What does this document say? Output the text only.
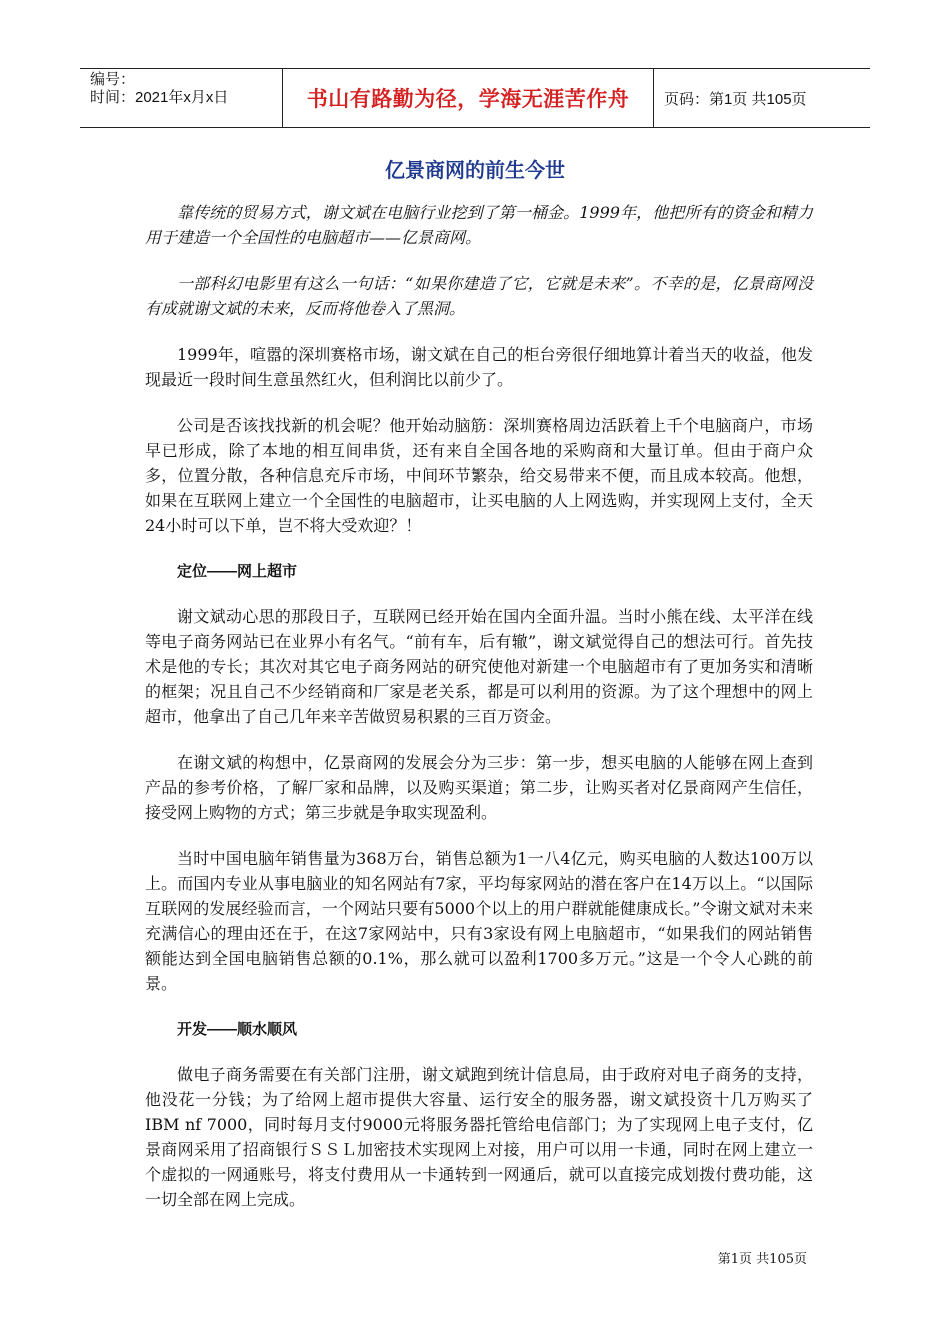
编号：
时间：2021年x月x日	书山有路勤为径，学海无涯苦作舟	页码：第1页 共105页
亿景商网的前生今世

靠传统的贸易方式，谢文斌在电脑行业挖到了第一桶金。1999年，他把所有的资金和精力用于建造一个全国性的电脑超市——亿景商网。

一部科幻电影里有这么一句话：“如果你建造了它，它就是未来”。不幸的是，亿景商网没有成就谢文斌的未来，反而将他卷入了黑洞。

1999年，喧嚣的深圳赛格市场，谢文斌在自己的柜台旁很仔细地算计着当天的收益，他发现最近一段时间生意虽然红火，但利润比以前少了。

公司是否该找找新的机会呢？他开始动脑筋：深圳赛格周边活跃着上千个电脑商户，市场早已形成，除了本地的相互间串货，还有来自全国各地的采购商和大量订单。但由于商户众多，位置分散，各种信息充斥市场，中间环节繁杂，给交易带来不便，而且成本较高。他想，如果在互联网上建立一个全国性的电脑超市，让买电脑的人上网选购，并实现网上支付，全天24小时可以下单，岂不将大受欢迎？！

定位——网上超市

谢文斌动心思的那段日子，互联网已经开始在国内全面升温。当时小熊在线、太平洋在线等电子商务网站已在业界小有名气。“前有车，后有辙”，谢文斌觉得自己的想法可行。首先技术是他的专长；其次对其它电子商务网站的研究使他对新建一个电脑超市有了更加务实和清晰的框架；况且自己不少经销商和厂家是老关系，都是可以利用的资源。为了这个理想中的网上超市，他拿出了自己几年来辛苦做贸易积累的三百万资金。

在谢文斌的构想中，亿景商网的发展会分为三步：第一步，想买电脑的人能够在网上查到产品的参考价格，了解厂家和品牌，以及购买渠道；第二步，让购买者对亿景商网产生信任，接受网上购物的方式；第三步就是争取实现盈利。

当时中国电脑年销售量为368万台，销售总额为1一八4亿元，购买电脑的人数达100万以上。而国内专业从事电脑业的知名网站有7家，平均每家网站的潜在客户在14万以上。“以国际互联网的发展经验而言，一个网站只要有5000个以上的用户群就能健康成长。”令谢文斌对未来充满信心的理由还在于，在这7家网站中，只有3家设有网上电脑超市，“如果我们的网站销售额能达到全国电脑销售总额的0.1%，那么就可以盈利1700多万元。”这是一个令人心跳的前景。

开发——顺水顺风

做电子商务需要在有关部门注册，谢文斌跑到统计信息局，由于政府对电子商务的支持，他没花一分钱；为了给网上超市提供大容量、运行安全的服务器，谢文斌投资十几万购买了IBM nf 7000，同时每月支付9000元将服务器托管给电信部门；为了实现网上电子支付，亿景商网采用了招商银行ＳＳＬ加密技术实现网上对接，用户可以用一卡通，同时在网上建立一个虚拟的一网通账号，将支付费用从一卡通转到一网通后，就可以直接完成划拨付费功能，这一切全部在网上完成。

第1页 共105页
